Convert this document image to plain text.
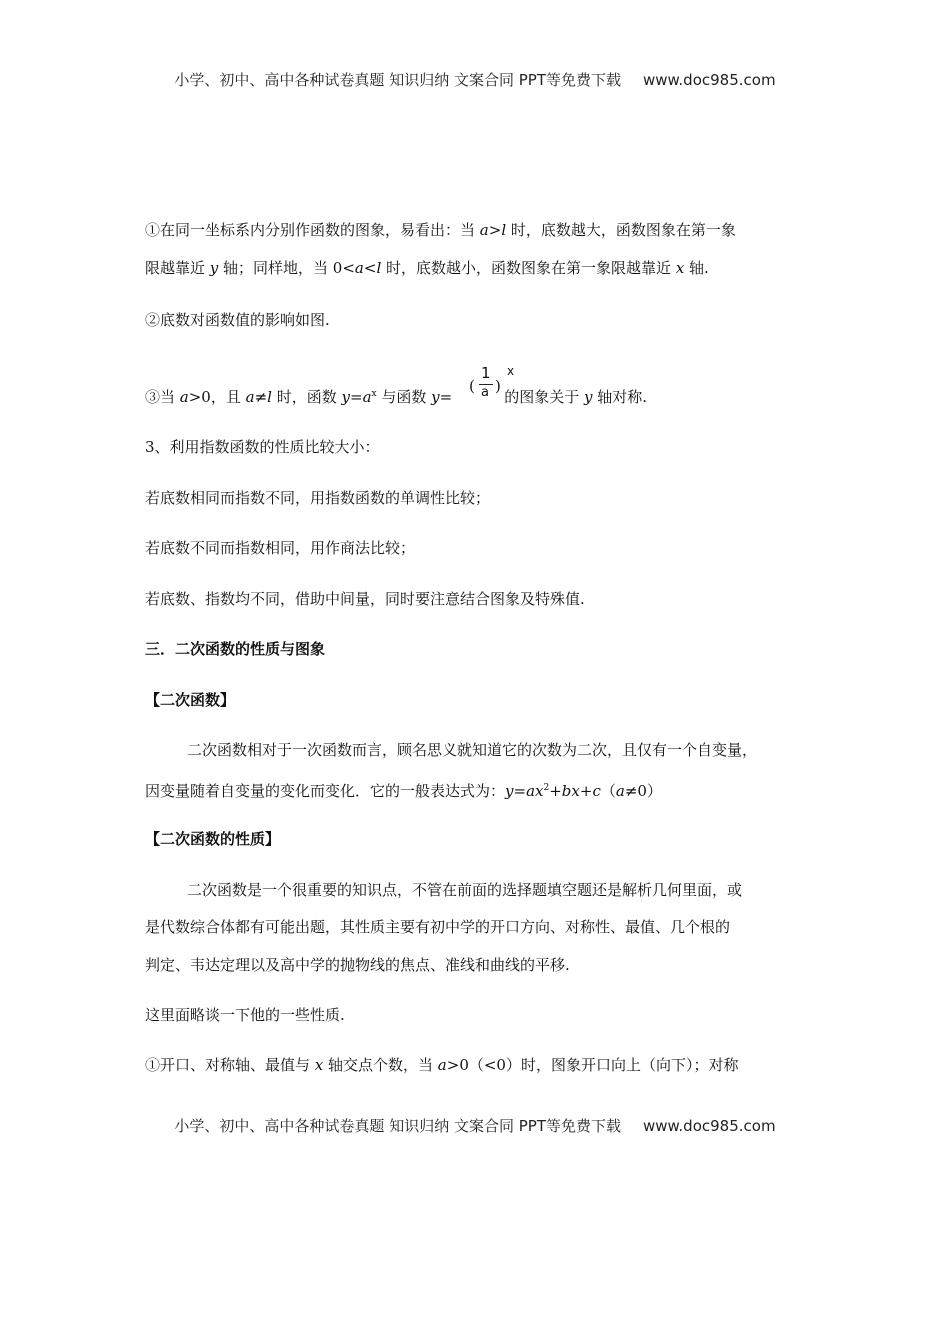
小学、初中、高中各种试卷真题 知识归纳 文案合同 PPT等免费下载 www.doc985.com
①在同一坐标系内分别作函数的图象，易看出：当 a>l 时，底数越大，函数图象在第一象
限越靠近 y 轴；同样地，当 0<a<l 时，底数越小，函数图象在第一象限越靠近 x 轴.
②底数对函数值的影响如图.
③当 a>0，且 a≠l 时，函数 $y=a^x$ 与函数 y=	的图象关于 y 轴对称.
(
1
a )
x
3、利用指数函数的性质比较大小：
若底数相同而指数不同，用指数函数的单调性比较；
若底数不同而指数相同，用作商法比较；
若底数、指数均不同，借助中间量，同时要注意结合图象及特殊值.
三．二次函数的性质与图象
【二次函数】
二次函数相对于一次函数而言，顾名思义就知道它的次数为二次，且仅有一个自变量，
因变量随着自变量的变化而变化．它的一般表达式为：$y=ax^2+bx+c(a\ne 0)$
【二次函数的性质】
二次函数是一个很重要的知识点，不管在前面的选择题填空题还是解析几何里面，或
是代数综合体都有可能出题，其性质主要有初中学的开口方向、对称性、最值、几个根的
判定、韦达定理以及高中学的抛物线的焦点、准线和曲线的平移.
这里面略谈一下他的一些性质.
①开口、对称轴、最值与 x 轴交点个数，当 a>0（<0）时，图象开口向上（向下）；对称
小学、初中、高中各种试卷真题 知识归纳 文案合同 PPT等免费下载 www.doc985.com
